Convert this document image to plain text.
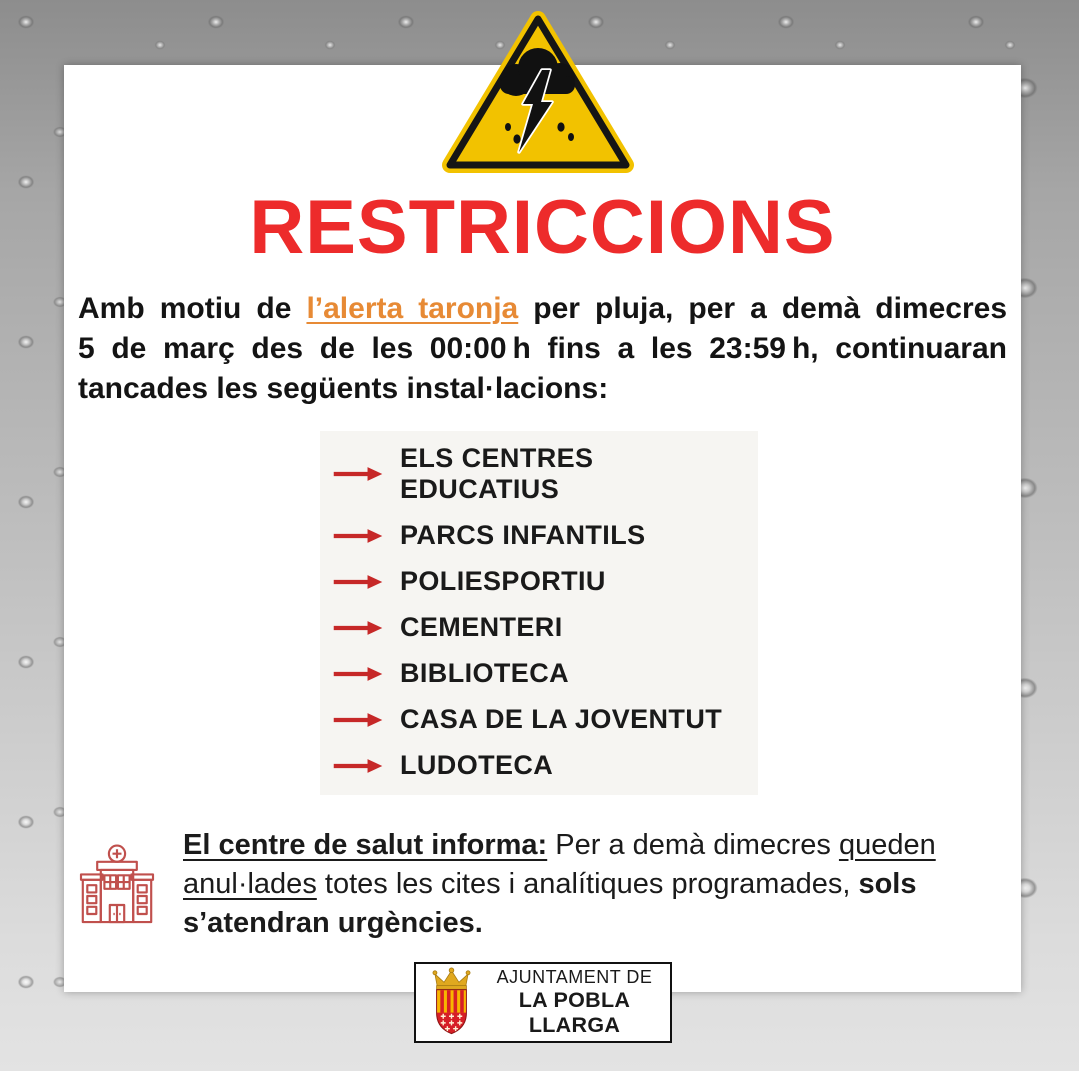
RESTRICCIONS
Amb motiu de l’alerta taronja per pluja, per a demà dimecres
5 de març des de les 00:00 h fins a les 23:59 h, continuaran
tancades les següents instal·lacions:
ELS CENTRES EDUCATIUS
PARCS INFANTILS
POLIESPORTIU
CEMENTERI
BIBLIOTECA
CASA DE LA JOVENTUT
LUDOTECA
El centre de salut informa: Per a demà dimecres queden anul·lades totes les cites i analítiques programades, sols s’atendran urgències.
AJUNTAMENT DE
LA POBLA LLARGA
